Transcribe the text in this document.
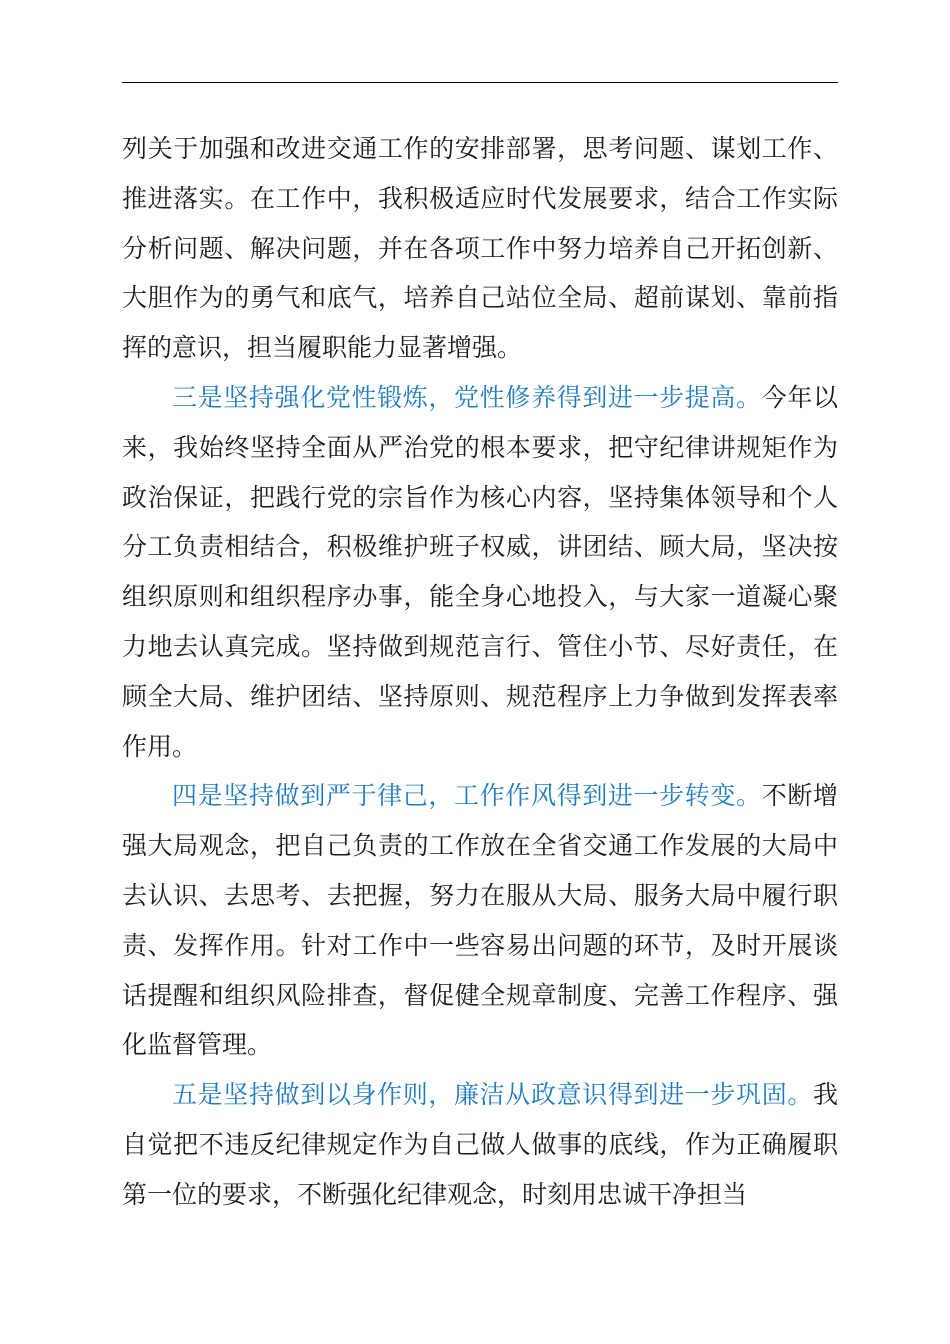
列关于加强和改进交通工作的安排部署，思考问题、谋划工作、推进落实。在工作中，我积极适应时代发展要求，结合工作实际分析问题、解决问题，并在各项工作中努力培养自己开拓创新、大胆作为的勇气和底气，培养自己站位全局、超前谋划、靠前指挥的意识，担当履职能力显著增强。

三是坚持强化党性锻炼，党性修养得到进一步提高。今年以来，我始终坚持全面从严治党的根本要求，把守纪律讲规矩作为政治保证，把践行党的宗旨作为核心内容，坚持集体领导和个人分工负责相结合，积极维护班子权威，讲团结、顾大局，坚决按组织原则和组织程序办事，能全身心地投入，与大家一道凝心聚力地去认真完成。坚持做到规范言行、管住小节、尽好责任，在顾全大局、维护团结、坚持原则、规范程序上力争做到发挥表率作用。

四是坚持做到严于律己，工作作风得到进一步转变。不断增强大局观念，把自己负责的工作放在全省交通工作发展的大局中去认识、去思考、去把握，努力在服从大局、服务大局中履行职责、发挥作用。针对工作中一些容易出问题的环节，及时开展谈话提醒和组织风险排查，督促健全规章制度、完善工作程序、强化监督管理。

五是坚持做到以身作则，廉洁从政意识得到进一步巩固。我自觉把不违反纪律规定作为自己做人做事的底线，作为正确履职第一位的要求，不断强化纪律观念，时刻用忠诚干净担当
